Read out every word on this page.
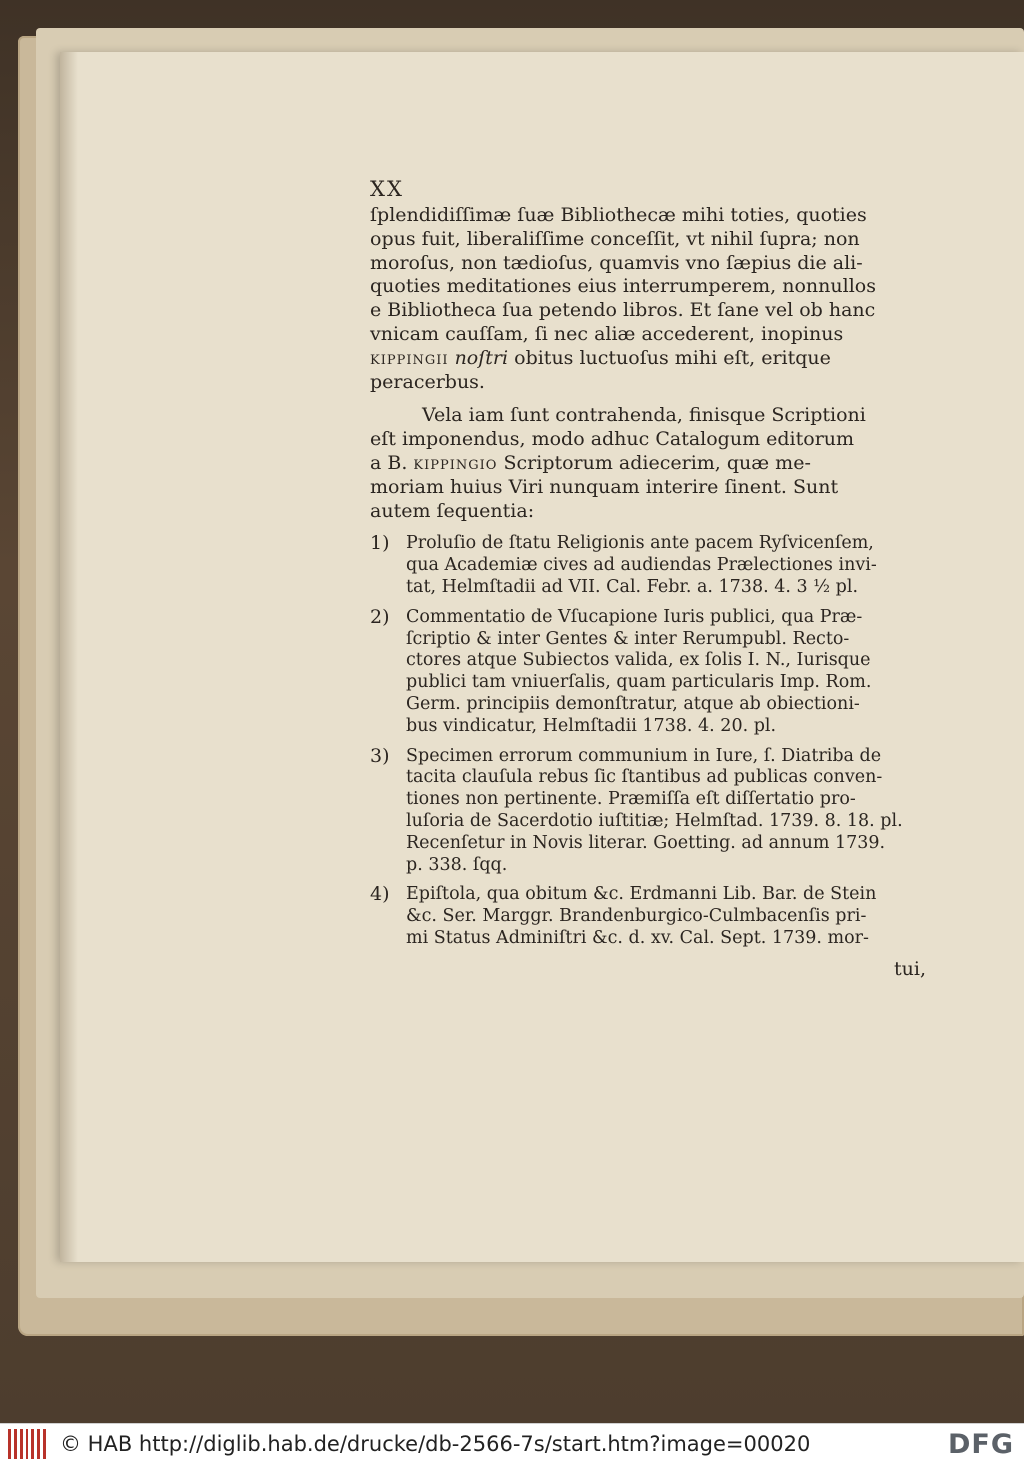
XX
ſplendidiſſimæ ſuæ Bibliothecæ mihi toties, quoties
opus fuit, liberaliſſime conceſſit, vt nihil ſupra; non
moroſus, non tædioſus, quamvis vno ſæpius die ali-
quoties meditationes eius interrumperem, nonnullos
e Bibliotheca ſua petendo libros. Et ſane vel ob hanc
vnicam cauſſam, ſi nec aliæ accederent, inopinus
kippingii noſtri obitus luctuoſus mihi eſt, eritque
peracerbus.
Vela iam ſunt contrahenda, finisque Scriptioni
eſt imponendus, modo adhuc Catalogum editorum
a B. kippingio Scriptorum adiecerim, quæ me-
moriam huius Viri nunquam interire ſinent. Sunt
autem ſequentia:
1) Proluſio de ſtatu Religionis ante pacem Ryſvicenſem,
qua Academiæ cives ad audiendas Prælectiones invi-
tat, Helmſtadii ad VII. Cal. Febr. a. 1738. 4. 3 ½ pl.
2) Commentatio de Vſucapione Iuris publici, qua Præ-
ſcriptio & inter Gentes & inter Rerumpubl. Recto-
ctores atque Subiectos valida, ex ſolis I. N., Iurisque
publici tam vniuerſalis, quam particularis Imp. Rom.
Germ. principiis demonſtratur, atque ab obiectioni-
bus vindicatur, Helmſtadii 1738. 4. 20. pl.
3) Specimen errorum communium in Iure, ſ. Diatriba de
tacita clauſula rebus ſic ſtantibus ad publicas conven-
tiones non pertinente. Præmiſſa eſt diſſertatio pro-
luſoria de Sacerdotio iuſtitiæ; Helmſtad. 1739. 8. 18. pl.
Recenſetur in Novis literar. Goetting. ad annum 1739.
p. 338. ſqq.
4) Epiſtola, qua obitum &c. Erdmanni Lib. Bar. de Stein
&c. Ser. Marggr. Brandenburgico-Culmbacenſis pri-
mi Status Adminiſtri &c. d. xv. Cal. Sept. 1739. mor-
tui,
© HAB http://diglib.hab.de/drucke/db-2566-7s/start.htm?image=00020	DFG
